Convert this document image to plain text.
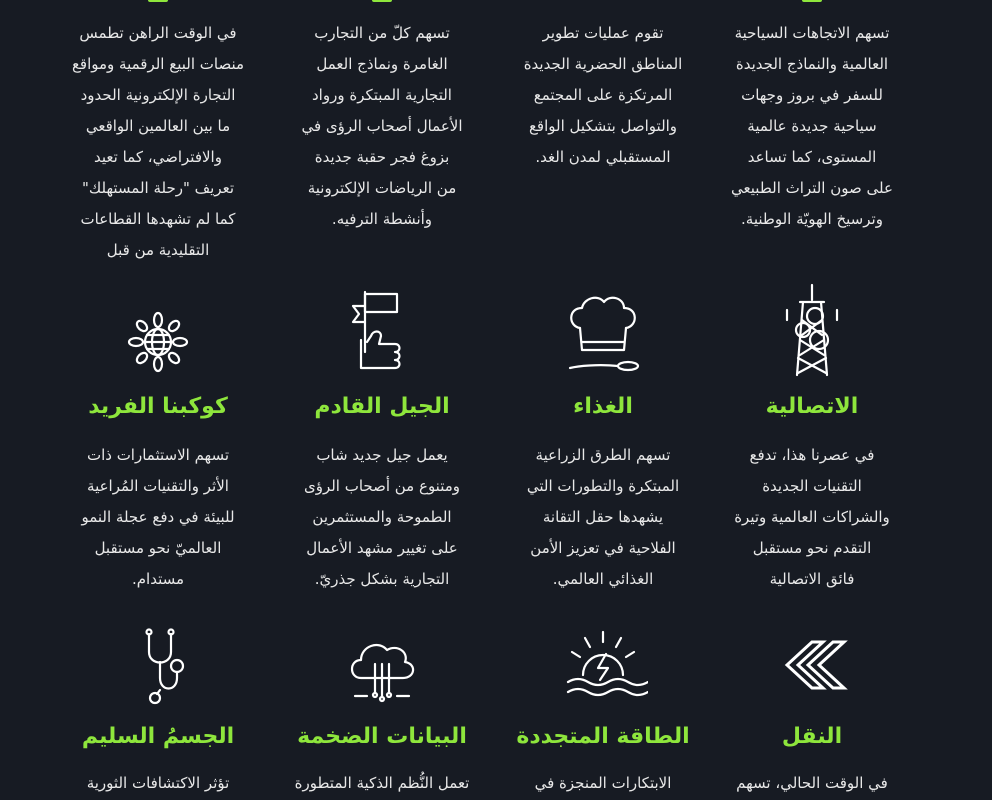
تسهم الاتجاهات السياحية
العالمية والنماذج الجديدة
للسفر في بروز وجهات
سياحية جديدة عالمية
المستوى، كما تساعد
على صون التراث الطبيعي
وترسيخ الهويّة الوطنية.

تقوم عمليات تطوير
المناطق الحضرية الجديدة
المرتكزة على المجتمع
والتواصل بتشكيل الواقع
المستقبلي لمدن الغد.

تسهم كلّ من التجارب
الغامرة ونماذج العمل
التجارية المبتكرة ورواد
الأعمال أصحاب الرؤى في
بزوغ فجر حقبة جديدة
من الرياضات الإلكترونية
وأنشطة الترفيه.

في الوقت الراهن تطمس
منصات البيع الرقمية ومواقع
التجارة الإلكترونية الحدود
ما بين العالمين الواقعي
والافتراضي، كما تعيد
تعريف "رحلة المستهلك"
كما لم تشهدها القطاعات
التقليدية من قبل

الاتصالية

في عصرنا هذا، تدفع
التقنيات الجديدة
والشراكات العالمية وتيرة
التقدم نحو مستقبل
فائق الاتصالية

الغذاء

تسهم الطرق الزراعية
المبتكرة والتطورات التي
يشهدها حقل التقانة
الفلاحية في تعزيز الأمن
الغذائي العالمي.

الجيل القادم

يعمل جيل جديد شاب
ومتنوع من أصحاب الرؤى
الطموحة والمستثمرين
على تغيير مشهد الأعمال
التجارية بشكل جذريّ.

كوكبنا الفريد

تسهم الاستثمارات ذات
الأثر والتقنيات المُراعية
للبيئة في دفع عجلة النمو
العالميّ نحو مستقبل
مستدام.

النقل

في الوقت الحالي، تسهم

الطاقة المتجددة

الابتكارات المنجزة في

البيانات الضخمة

تعمل النُّظم الذكية المتطورة

الجسمُ السليم

تؤثر الاكتشافات الثورية
